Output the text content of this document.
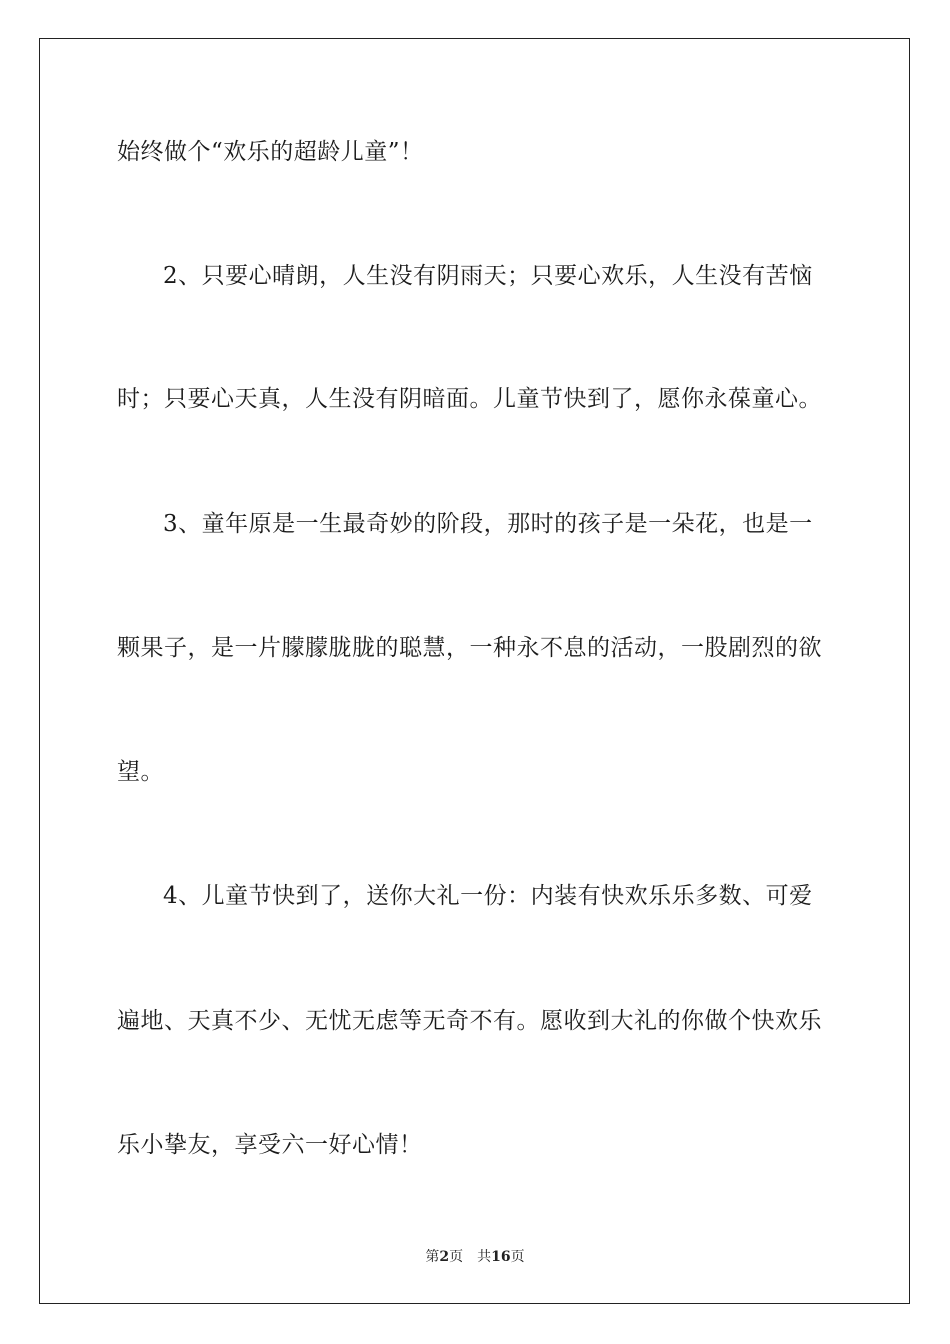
始终做个“欢乐的超龄儿童”！
2、只要心晴朗，人生没有阴雨天；只要心欢乐，人生没有苦恼
时；只要心天真，人生没有阴暗面。儿童节快到了，愿你永葆童心。
3、童年原是一生最奇妙的阶段，那时的孩子是一朵花，也是一
颗果子，是一片朦朦胧胧的聪慧，一种永不息的活动，一股剧烈的欲
望。
4、儿童节快到了，送你大礼一份：内装有快欢乐乐多数、可爱
遍地、天真不少、无忧无虑等无奇不有。愿收到大礼的你做个快欢乐
乐小挚友，享受六一好心情！
第2页 共16页
